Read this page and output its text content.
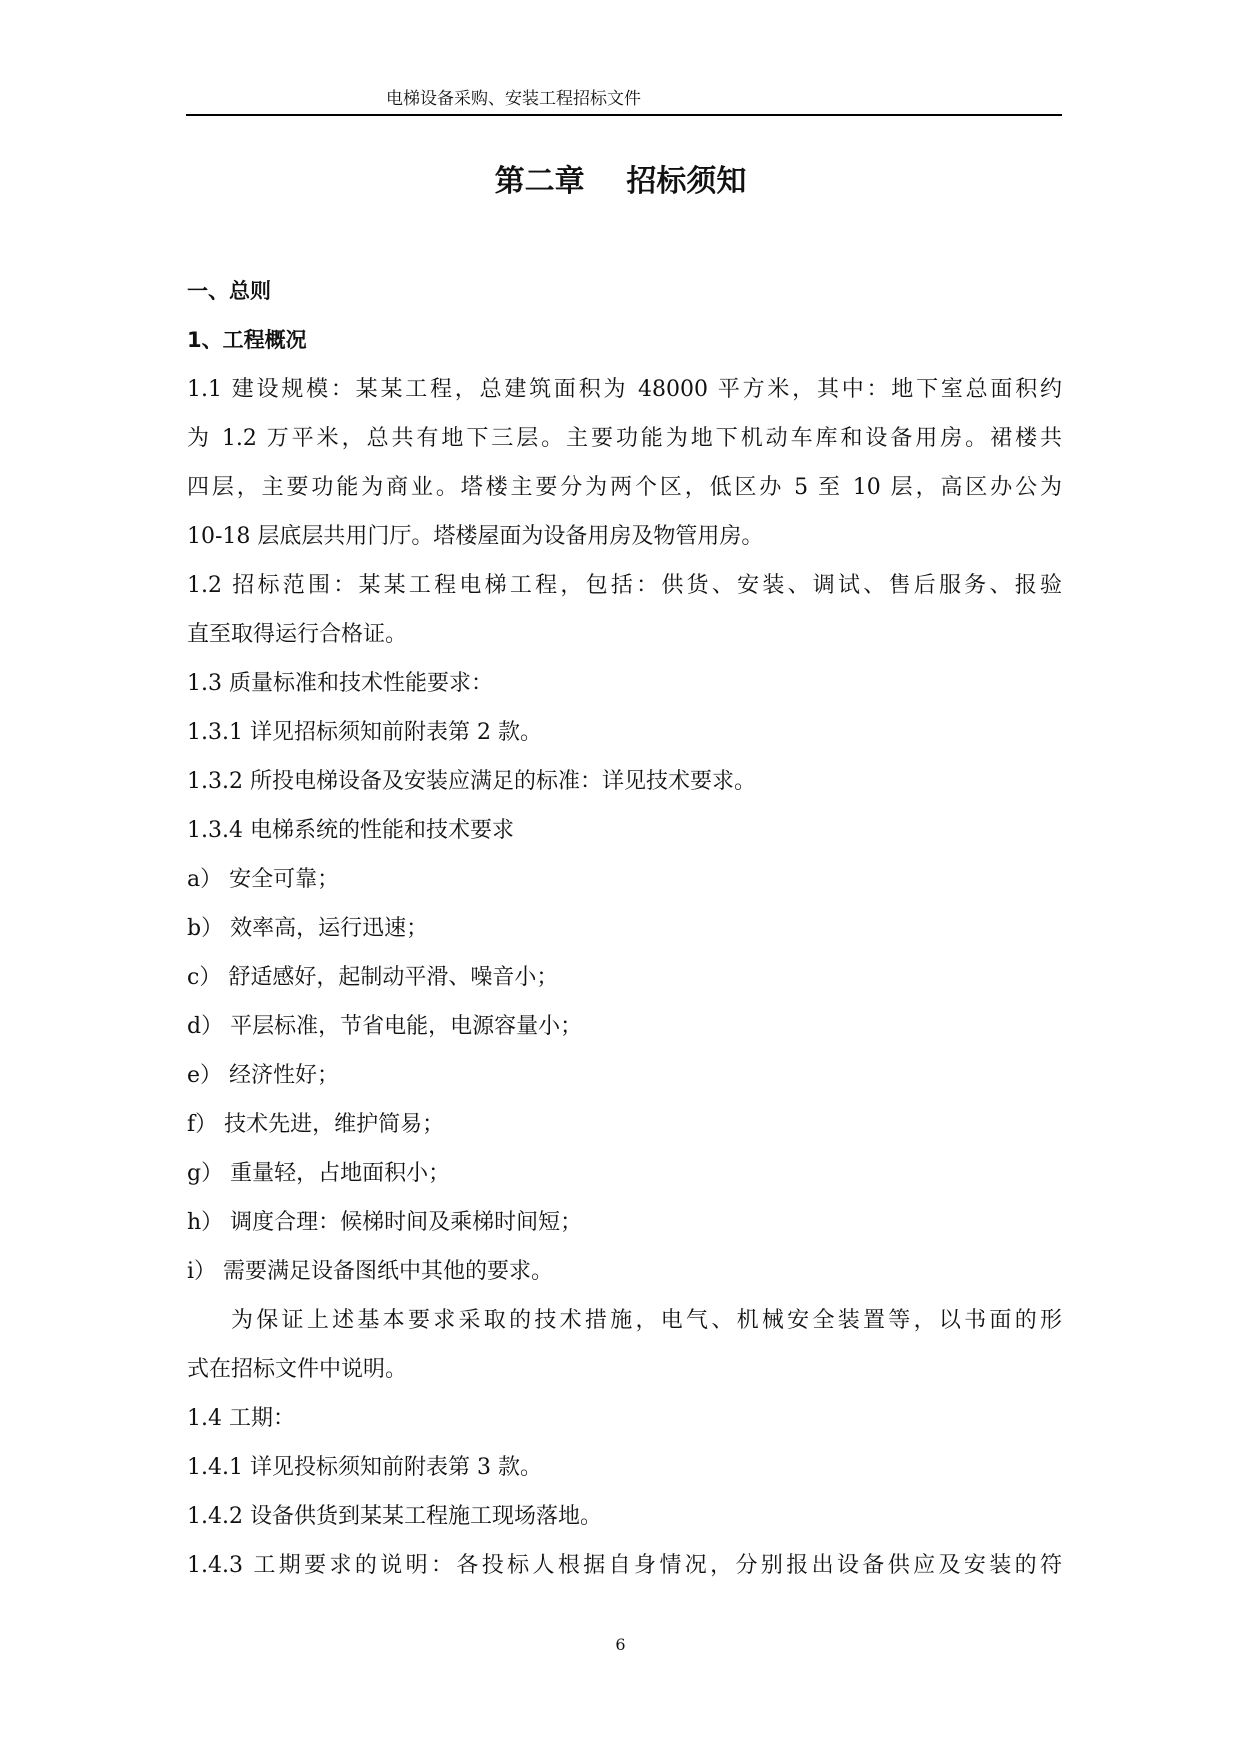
电梯设备采购、安装工程招标文件
第二章    招标须知
一、总则
1、工程概况
1.1 建设规模：某某工程，总建筑面积为 48000 平方米，其中：地下室总面积约
为 1.2 万平米，总共有地下三层。主要功能为地下机动车库和设备用房。裙楼共
四层，主要功能为商业。塔楼主要分为两个区，低区办 5 至 10 层，高区办公为
10-18 层底层共用门厅。塔楼屋面为设备用房及物管用房。
1.2 招标范围：某某工程电梯工程，包括：供货、安装、调试、售后服务、报验
直至取得运行合格证。
1.3 质量标准和技术性能要求：
1.3.1 详见招标须知前附表第 2 款。
1.3.2 所投电梯设备及安装应满足的标准：详见技术要求。
1.3.4 电梯系统的性能和技术要求
a） 安全可靠；
b） 效率高，运行迅速；
c） 舒适感好，起制动平滑、噪音小；
d） 平层标准，节省电能，电源容量小；
e） 经济性好；
f） 技术先进，维护简易；
g） 重量轻，占地面积小；
h） 调度合理：候梯时间及乘梯时间短；
i） 需要满足设备图纸中其他的要求。
为保证上述基本要求采取的技术措施，电气、机械安全装置等，以书面的形
式在招标文件中说明。
1.4 工期：
1.4.1 详见投标须知前附表第 3 款。
1.4.2 设备供货到某某工程施工现场落地。
1.4.3 工期要求的说明：各投标人根据自身情况，分别报出设备供应及安装的符
6
